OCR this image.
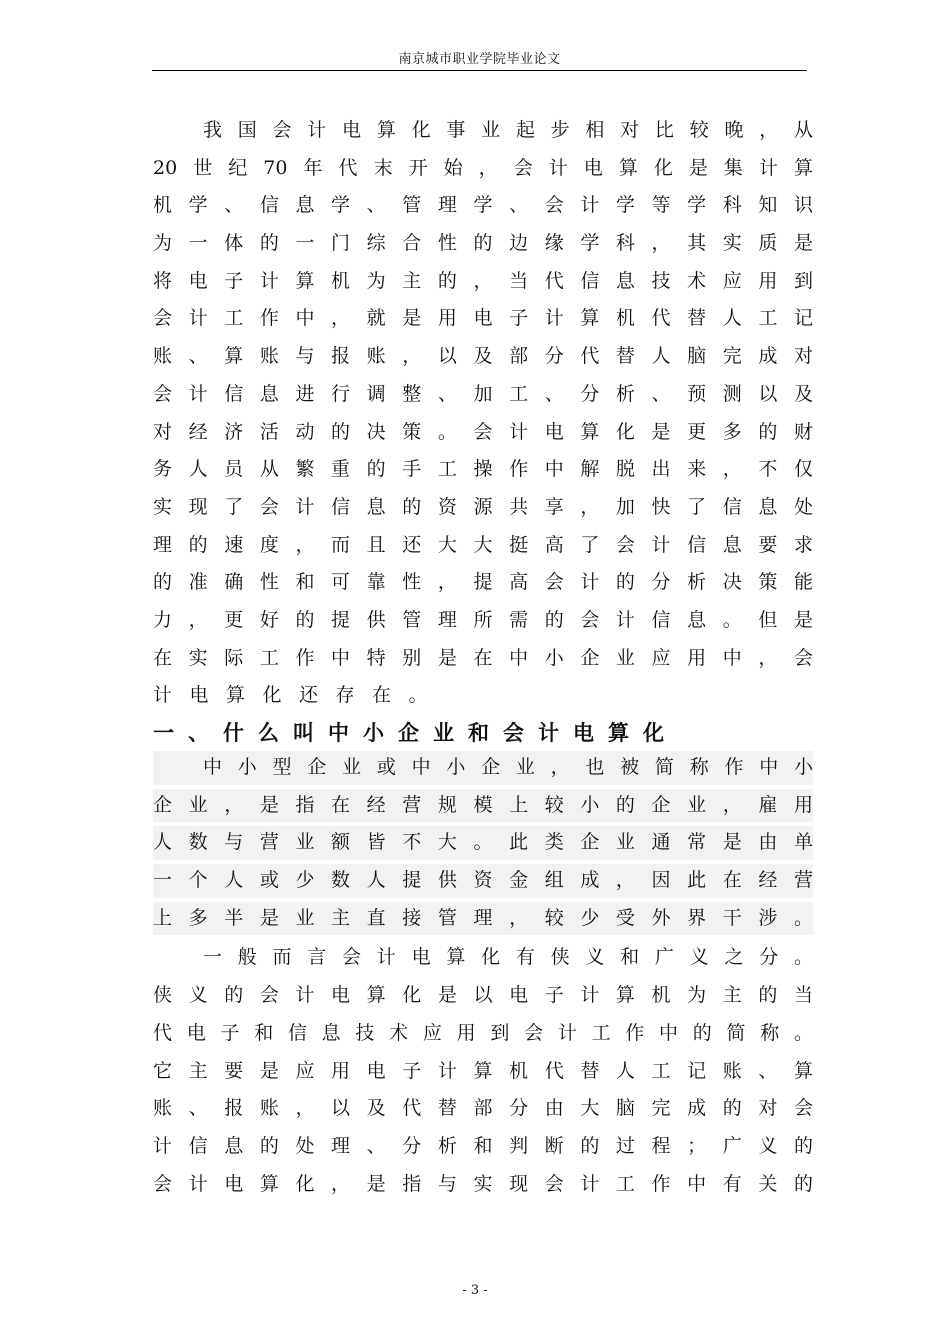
南京城市职业学院毕业论文
我国会计电算化事业起步相对比较晚，从
20世纪70年代末开始，会计电算化是集计算
机学、信息学、管理学、会计学等学科知识
为一体的一门综合性的边缘学科，其实质是
将电子计算机为主的，当代信息技术应用到
会计工作中，就是用电子计算机代替人工记
账、算账与报账，以及部分代替人脑完成对
会计信息进行调整、加工、分析、预测以及
对经济活动的决策。会计电算化是更多的财
务人员从繁重的手工操作中解脱出来，不仅
实现了会计信息的资源共享，加快了信息处
理的速度，而且还大大挺高了会计信息要求
的准确性和可靠性，提高会计的分析决策能
力，更好的提供管理所需的会计信息。但是
在实际工作中特别是在中小企业应用中，会
计电算化还存在。
一、什么叫中小企业和会计电算化
中小型企业或中小企业，也被简称作中小
企业，是指在经营规模上较小的企业，雇用
人数与营业额皆不大。此类企业通常是由单
一个人或少数人提供资金组成，因此在经营
上多半是业主直接管理，较少受外界干涉。
一般而言会计电算化有侠义和广义之分。
侠义的会计电算化是以电子计算机为主的当
代电子和信息技术应用到会计工作中的简称。
它主要是应用电子计算机代替人工记账、算
账、报账，以及代替部分由大脑完成的对会
计信息的处理、分析和判断的过程；广义的
会计电算化，是指与实现会计工作中有关的
- 3 -
